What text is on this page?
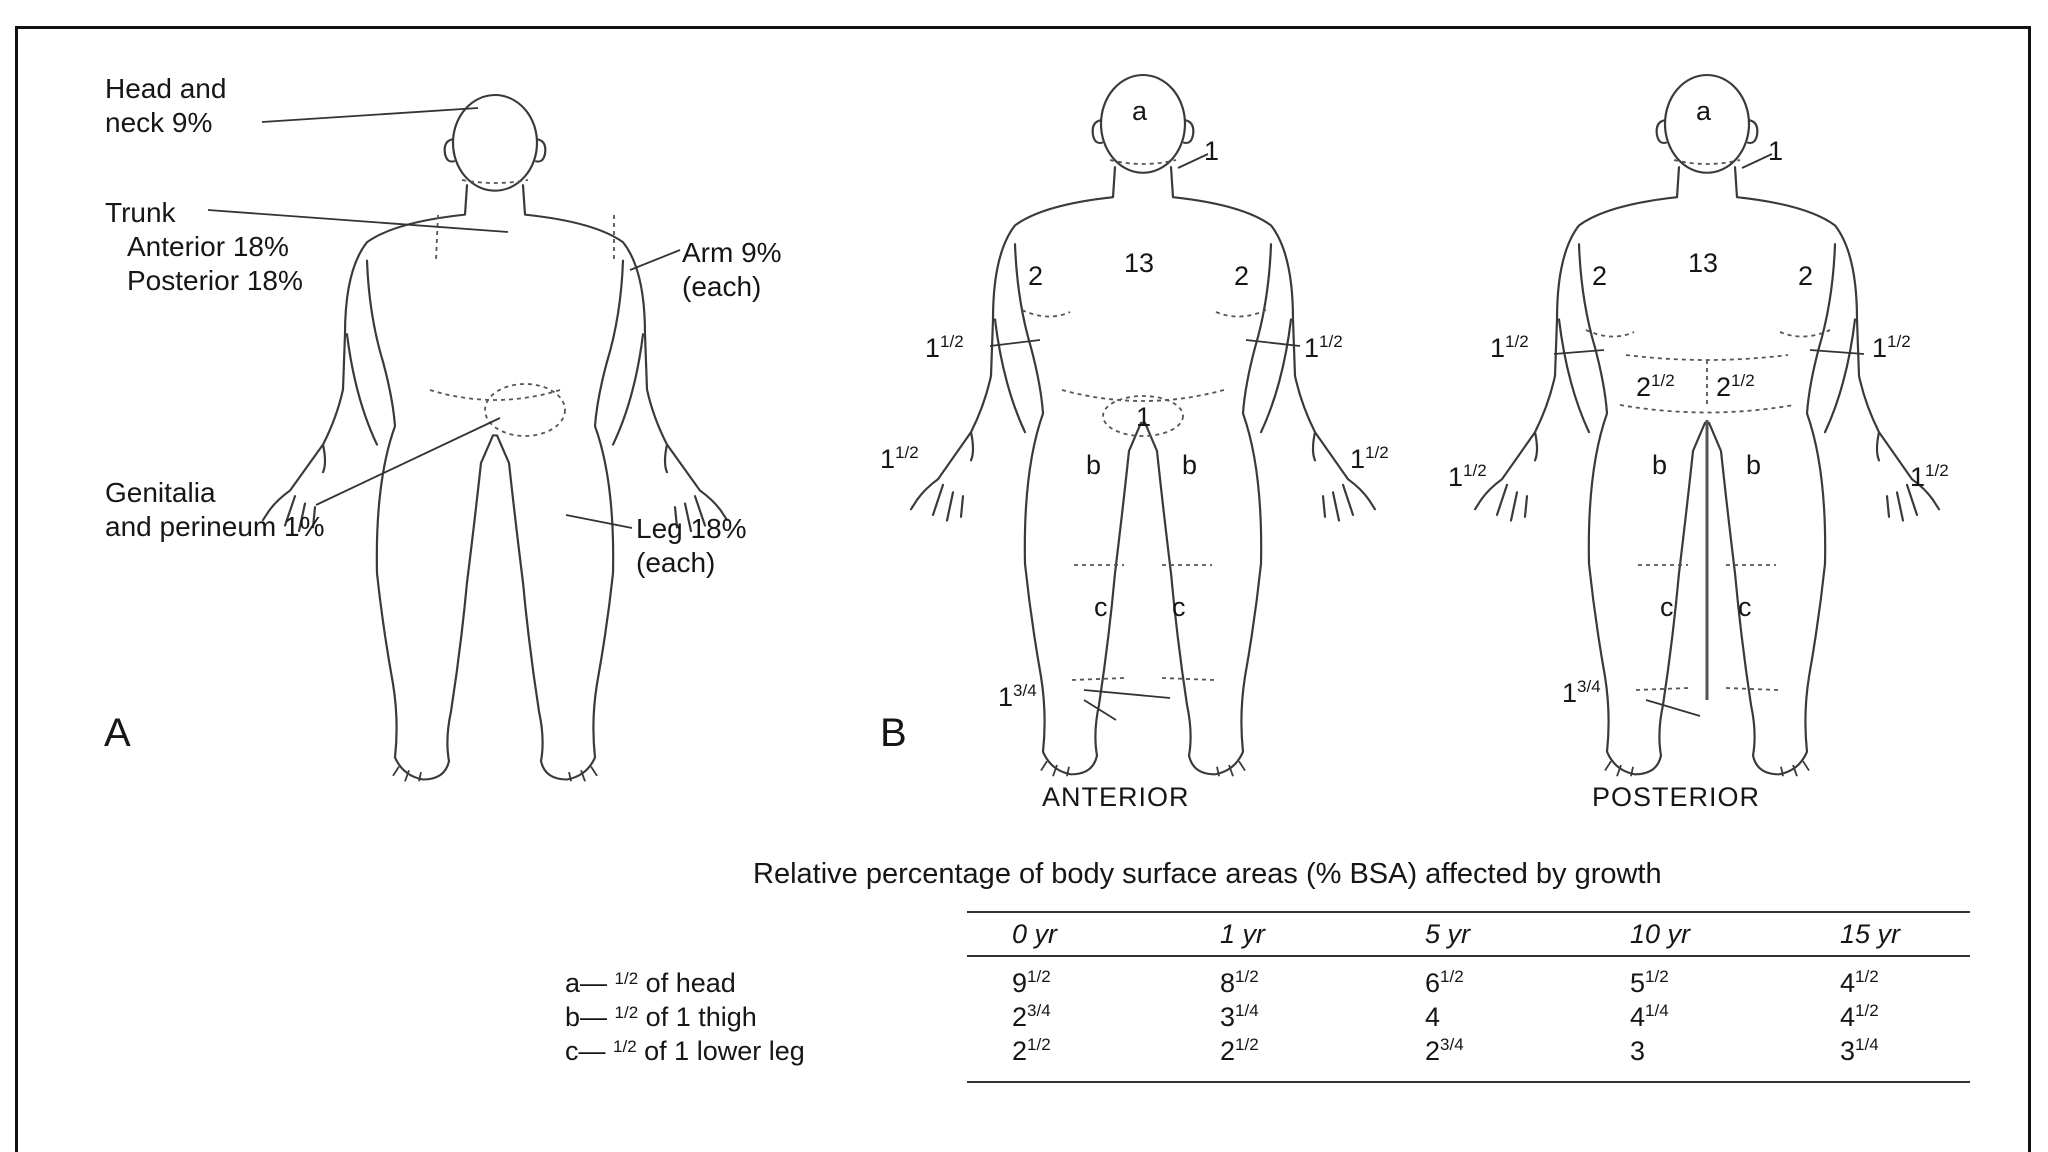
Head and
neck 9%
Trunk
Anterior 18%
Posterior 18%
Arm 9%
(each)
Genitalia
and perineum 1%	Leg 18%
(each)
A
a
1
13
2	2
$1^{1/2}$	$1^{1/2}$
$1^{1/2}$	$1^{1/2}$
1
b	b
c c
$1^{3/4}$
B
ANTERIOR
a
1
13
2	2
$1^{1/2}$	$1^{1/2}$
$1^{1/2}$	$1^{1/2}$
$2^{1/2}$ $2^{1/2}$
b	b
c c
$1^{3/4}$
POSTERIOR
Relative percentage of body surface areas (% BSA) affected by growth
0 yr	1 yr	5 yr	10 yr	15 yr
a— $^{1/2}$ of head	$9^{1/2}$	$8^{1/2}$	$6^{1/2}$	$5^{1/2}$	$4^{1/2}$
b— $^{1/2}$ of 1 thigh	$2^{3/4}$	$3^{1/4}$	4	$4^{1/4}$	$4^{1/2}$
c— $^{1/2}$ of 1 lower leg	$2^{1/2}$	$2^{1/2}$	$2^{3/4}$	3	$3^{1/4}$
